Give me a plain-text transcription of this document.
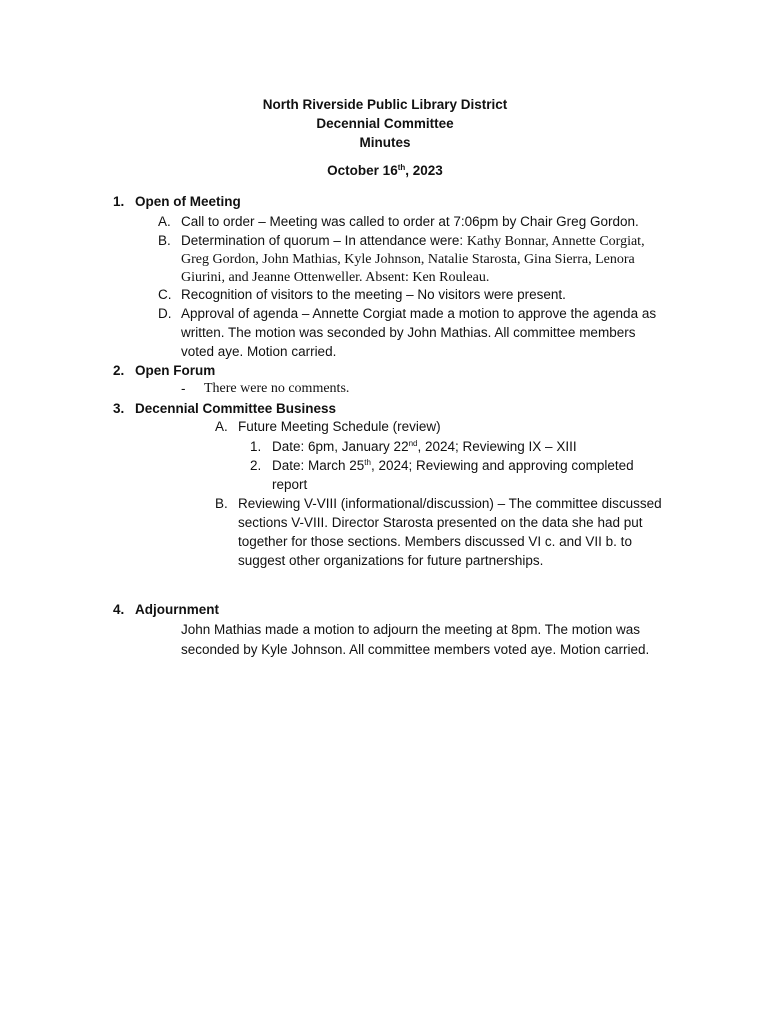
North Riverside Public Library District
Decennial Committee
Minutes
October 16th, 2023
1. Open of Meeting
A. Call to order – Meeting was called to order at 7:06pm by Chair Greg Gordon.
B. Determination of quorum – In attendance were: Kathy Bonnar, Annette Corgiat,
Greg Gordon, John Mathias, Kyle Johnson, Natalie Starosta, Gina Sierra, Lenora
Giurini, and Jeanne Ottenweller. Absent: Ken Rouleau.
C. Recognition of visitors to the meeting – No visitors were present.
D. Approval of agenda – Annette Corgiat made a motion to approve the agenda as
written. The motion was seconded by John Mathias. All committee members
voted aye. Motion carried.
2. Open Forum
- There were no comments.
3. Decennial Committee Business
A. Future Meeting Schedule (review)
1. Date: 6pm, January 22nd, 2024; Reviewing IX – XIII
2. Date: March 25th, 2024; Reviewing and approving completed
report
B. Reviewing V-VIII (informational/discussion) – The committee discussed
sections V-VIII. Director Starosta presented on the data she had put
together for those sections. Members discussed VI c. and VII b. to
suggest other organizations for future partnerships.
4. Adjournment
John Mathias made a motion to adjourn the meeting at 8pm. The motion was
seconded by Kyle Johnson. All committee members voted aye. Motion carried.
